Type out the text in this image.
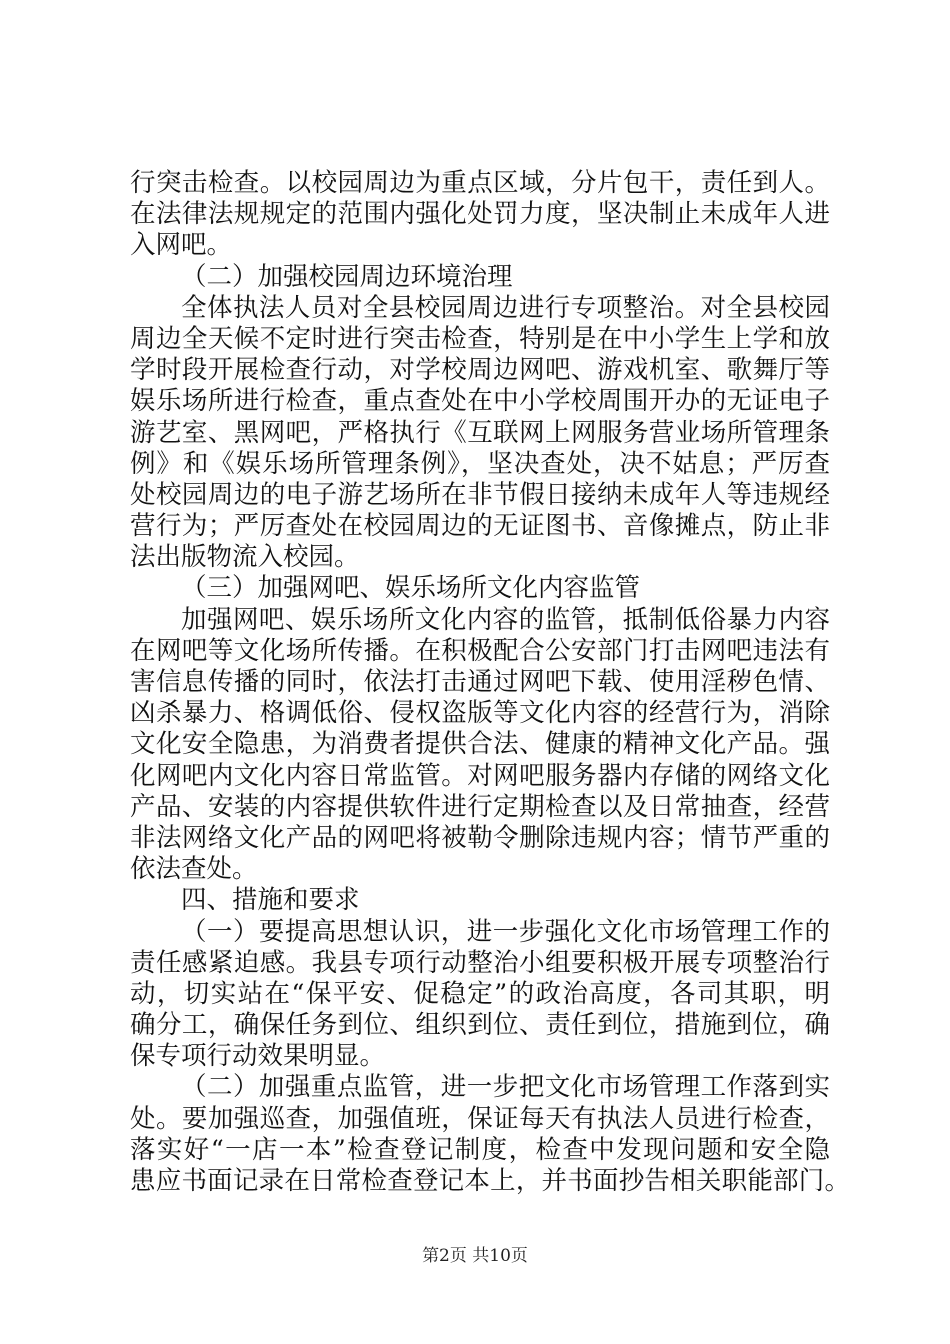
行突击检查。以校园周边为重点区域，分片包干，责任到人。
在法律法规规定的范围内强化处罚力度，坚决制止未成年人进
入网吧。
（二）加强校园周边环境治理
全体执法人员对全县校园周边进行专项整治。对全县校园
周边全天候不定时进行突击检查，特别是在中小学生上学和放
学时段开展检查行动，对学校周边网吧、游戏机室、歌舞厅等
娱乐场所进行检查，重点查处在中小学校周围开办的无证电子
游艺室、黑网吧，严格执行《互联网上网服务营业场所管理条
例》和《娱乐场所管理条例》，坚决查处，决不姑息；严厉查
处校园周边的电子游艺场所在非节假日接纳未成年人等违规经
营行为；严厉查处在校园周边的无证图书、音像摊点，防止非
法出版物流入校园。
（三）加强网吧、娱乐场所文化内容监管
加强网吧、娱乐场所文化内容的监管，抵制低俗暴力内容
在网吧等文化场所传播。在积极配合公安部门打击网吧违法有
害信息传播的同时，依法打击通过网吧下载、使用淫秽色情、
凶杀暴力、格调低俗、侵权盗版等文化内容的经营行为，消除
文化安全隐患，为消费者提供合法、健康的精神文化产品。强
化网吧内文化内容日常监管。对网吧服务器内存储的网络文化
产品、安装的内容提供软件进行定期检查以及日常抽查，经营
非法网络文化产品的网吧将被勒令删除违规内容；情节严重的
依法查处。
四、措施和要求
（一）要提高思想认识，进一步强化文化市场管理工作的
责任感紧迫感。我县专项行动整治小组要积极开展专项整治行
动，切实站在“保平安、促稳定”的政治高度，各司其职，明
确分工，确保任务到位、组织到位、责任到位，措施到位，确
保专项行动效果明显。
（二）加强重点监管，进一步把文化市场管理工作落到实
处。要加强巡查，加强值班，保证每天有执法人员进行检查，
落实好“一店一本”检查登记制度，检查中发现问题和安全隐
患应书面记录在日常检查登记本上，并书面抄告相关职能部门。
第2页 共10页
